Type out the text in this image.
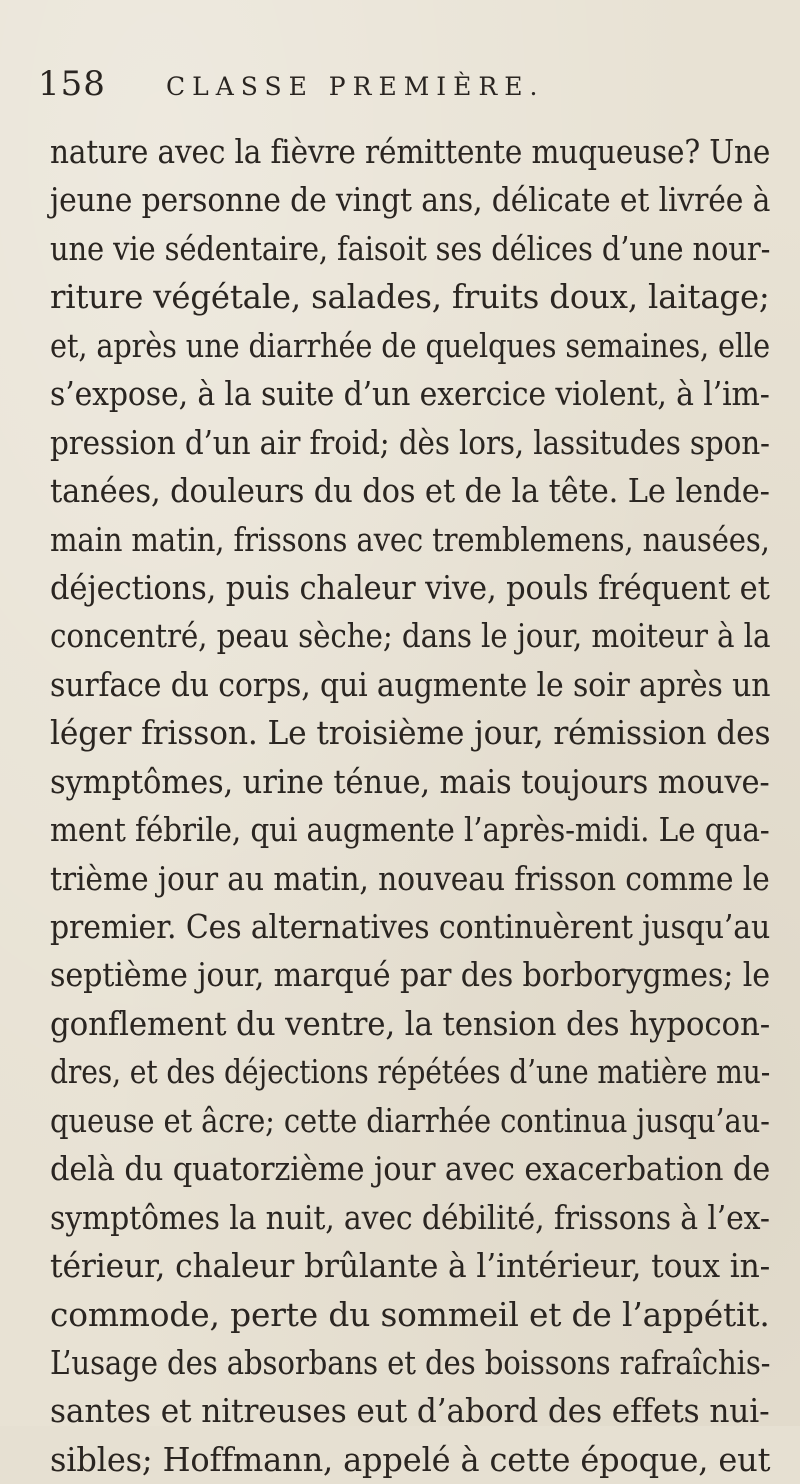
158 CLASSE PREMIÈRE.
nature avec la fièvre rémittente muqueuse? Une
jeune personne de vingt ans, délicate et livrée à
une vie sédentaire, faisoit ses délices d’une nour-
riture végétale, salades, fruits doux, laitage;
et, après une diarrhée de quelques semaines, elle
s’expose, à la suite d’un exercice violent, à l’im-
pression d’un air froid; dès lors, lassitudes spon-
tanées, douleurs du dos et de la tête. Le lende-
main matin, frissons avec tremblemens, nausées,
déjections, puis chaleur vive, pouls fréquent et
concentré, peau sèche; dans le jour, moiteur à la
surface du corps, qui augmente le soir après un
léger frisson. Le troisième jour, rémission des
symptômes, urine ténue, mais toujours mouve-
ment fébrile, qui augmente l’après-midi. Le qua-
trième jour au matin, nouveau frisson comme le
premier. Ces alternatives continuèrent jusqu’au
septième jour, marqué par des borborygmes; le
gonflement du ventre, la tension des hypocon-
dres, et des déjections répétées d’une matière mu-
queuse et âcre; cette diarrhée continua jusqu’au-
delà du quatorzième jour avec exacerbation de
symptômes la nuit, avec débilité, frissons à l’ex-
térieur, chaleur brûlante à l’intérieur, toux in-
commode, perte du sommeil et de l’appétit.
L’usage des absorbans et des boissons rafraîchis-
santes et nitreuses eut d’abord des effets nui-
sibles; Hoffmann, appelé à cette époque, eut
